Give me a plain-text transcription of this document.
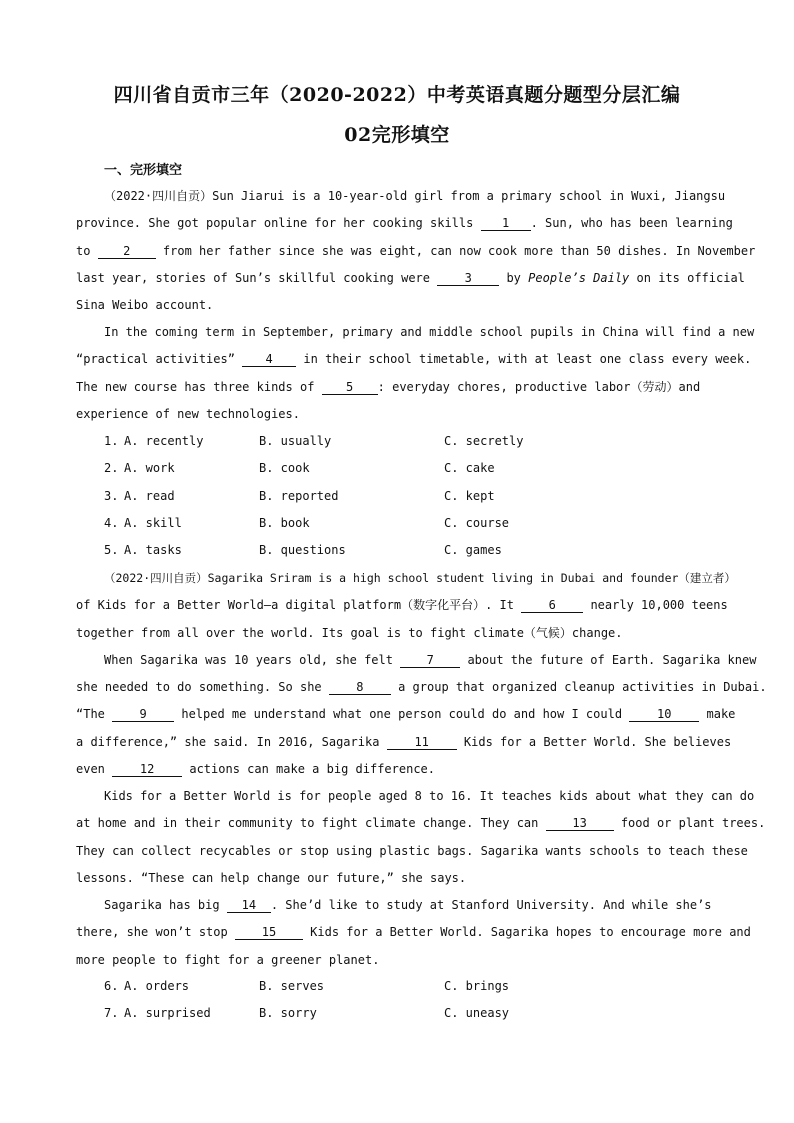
四川省自贡市三年（2020-2022）中考英语真题分题型分层汇编
02完形填空
一、完形填空
（2022·四川自贡）Sun Jiarui is a 10-year-old girl from a primary school in Wuxi, Jiangsu
province. She got popular online for her cooking skills 1 . Sun, who has been learning
to 2 from her father since she was eight, can now cook more than 50 dishes. In November
last year, stories of Sun’s skillful cooking were 3 by People’s Daily on its official
Sina Weibo account.
In the coming term in September, primary and middle school pupils in China will find a new
“practical activities” 4 in their school timetable, with at least one class every week.
The new course has three kinds of 5 : everyday chores, productive labor（劳动）and
experience of new technologies.
1. A. recently	B. usually	C. secretly
2. A. work	B. cook	C. cake
3. A. read	B. reported	C. kept
4. A. skill	B. book	C. course
5. A. tasks	B. questions	C. games
（2022·四川自贡）Sagarika Sriram is a high school student living in Dubai and founder（建立者）
of Kids for a Better World—a digital platform（数字化平台）. It 6 nearly 10,000 teens
together from all over the world. Its goal is to fight climate（气候）change.
When Sagarika was 10 years old, she felt 7 about the future of Earth. Sagarika knew
she needed to do something. So she 8 a group that organized cleanup activities in Dubai.
“The 9 helped me understand what one person could do and how I could 10 make
a difference,” she said. In 2016, Sagarika 11 Kids for a Better World. She believes
even 12 actions can make a big difference.
Kids for a Better World is for people aged 8 to 16. It teaches kids about what they can do
at home and in their community to fight climate change. They can 13 food or plant trees.
They can collect recycables or stop using plastic bags. Sagarika wants schools to teach these
lessons. “These can help change our future,” she says.
Sagarika has big 14 . She’d like to study at Stanford University. And while she’s
there, she won’t stop 15 Kids for a Better World. Sagarika hopes to encourage more and
more people to fight for a greener planet.
6. A. orders	B. serves	C. brings
7. A. surprised	B. sorry	C. uneasy
